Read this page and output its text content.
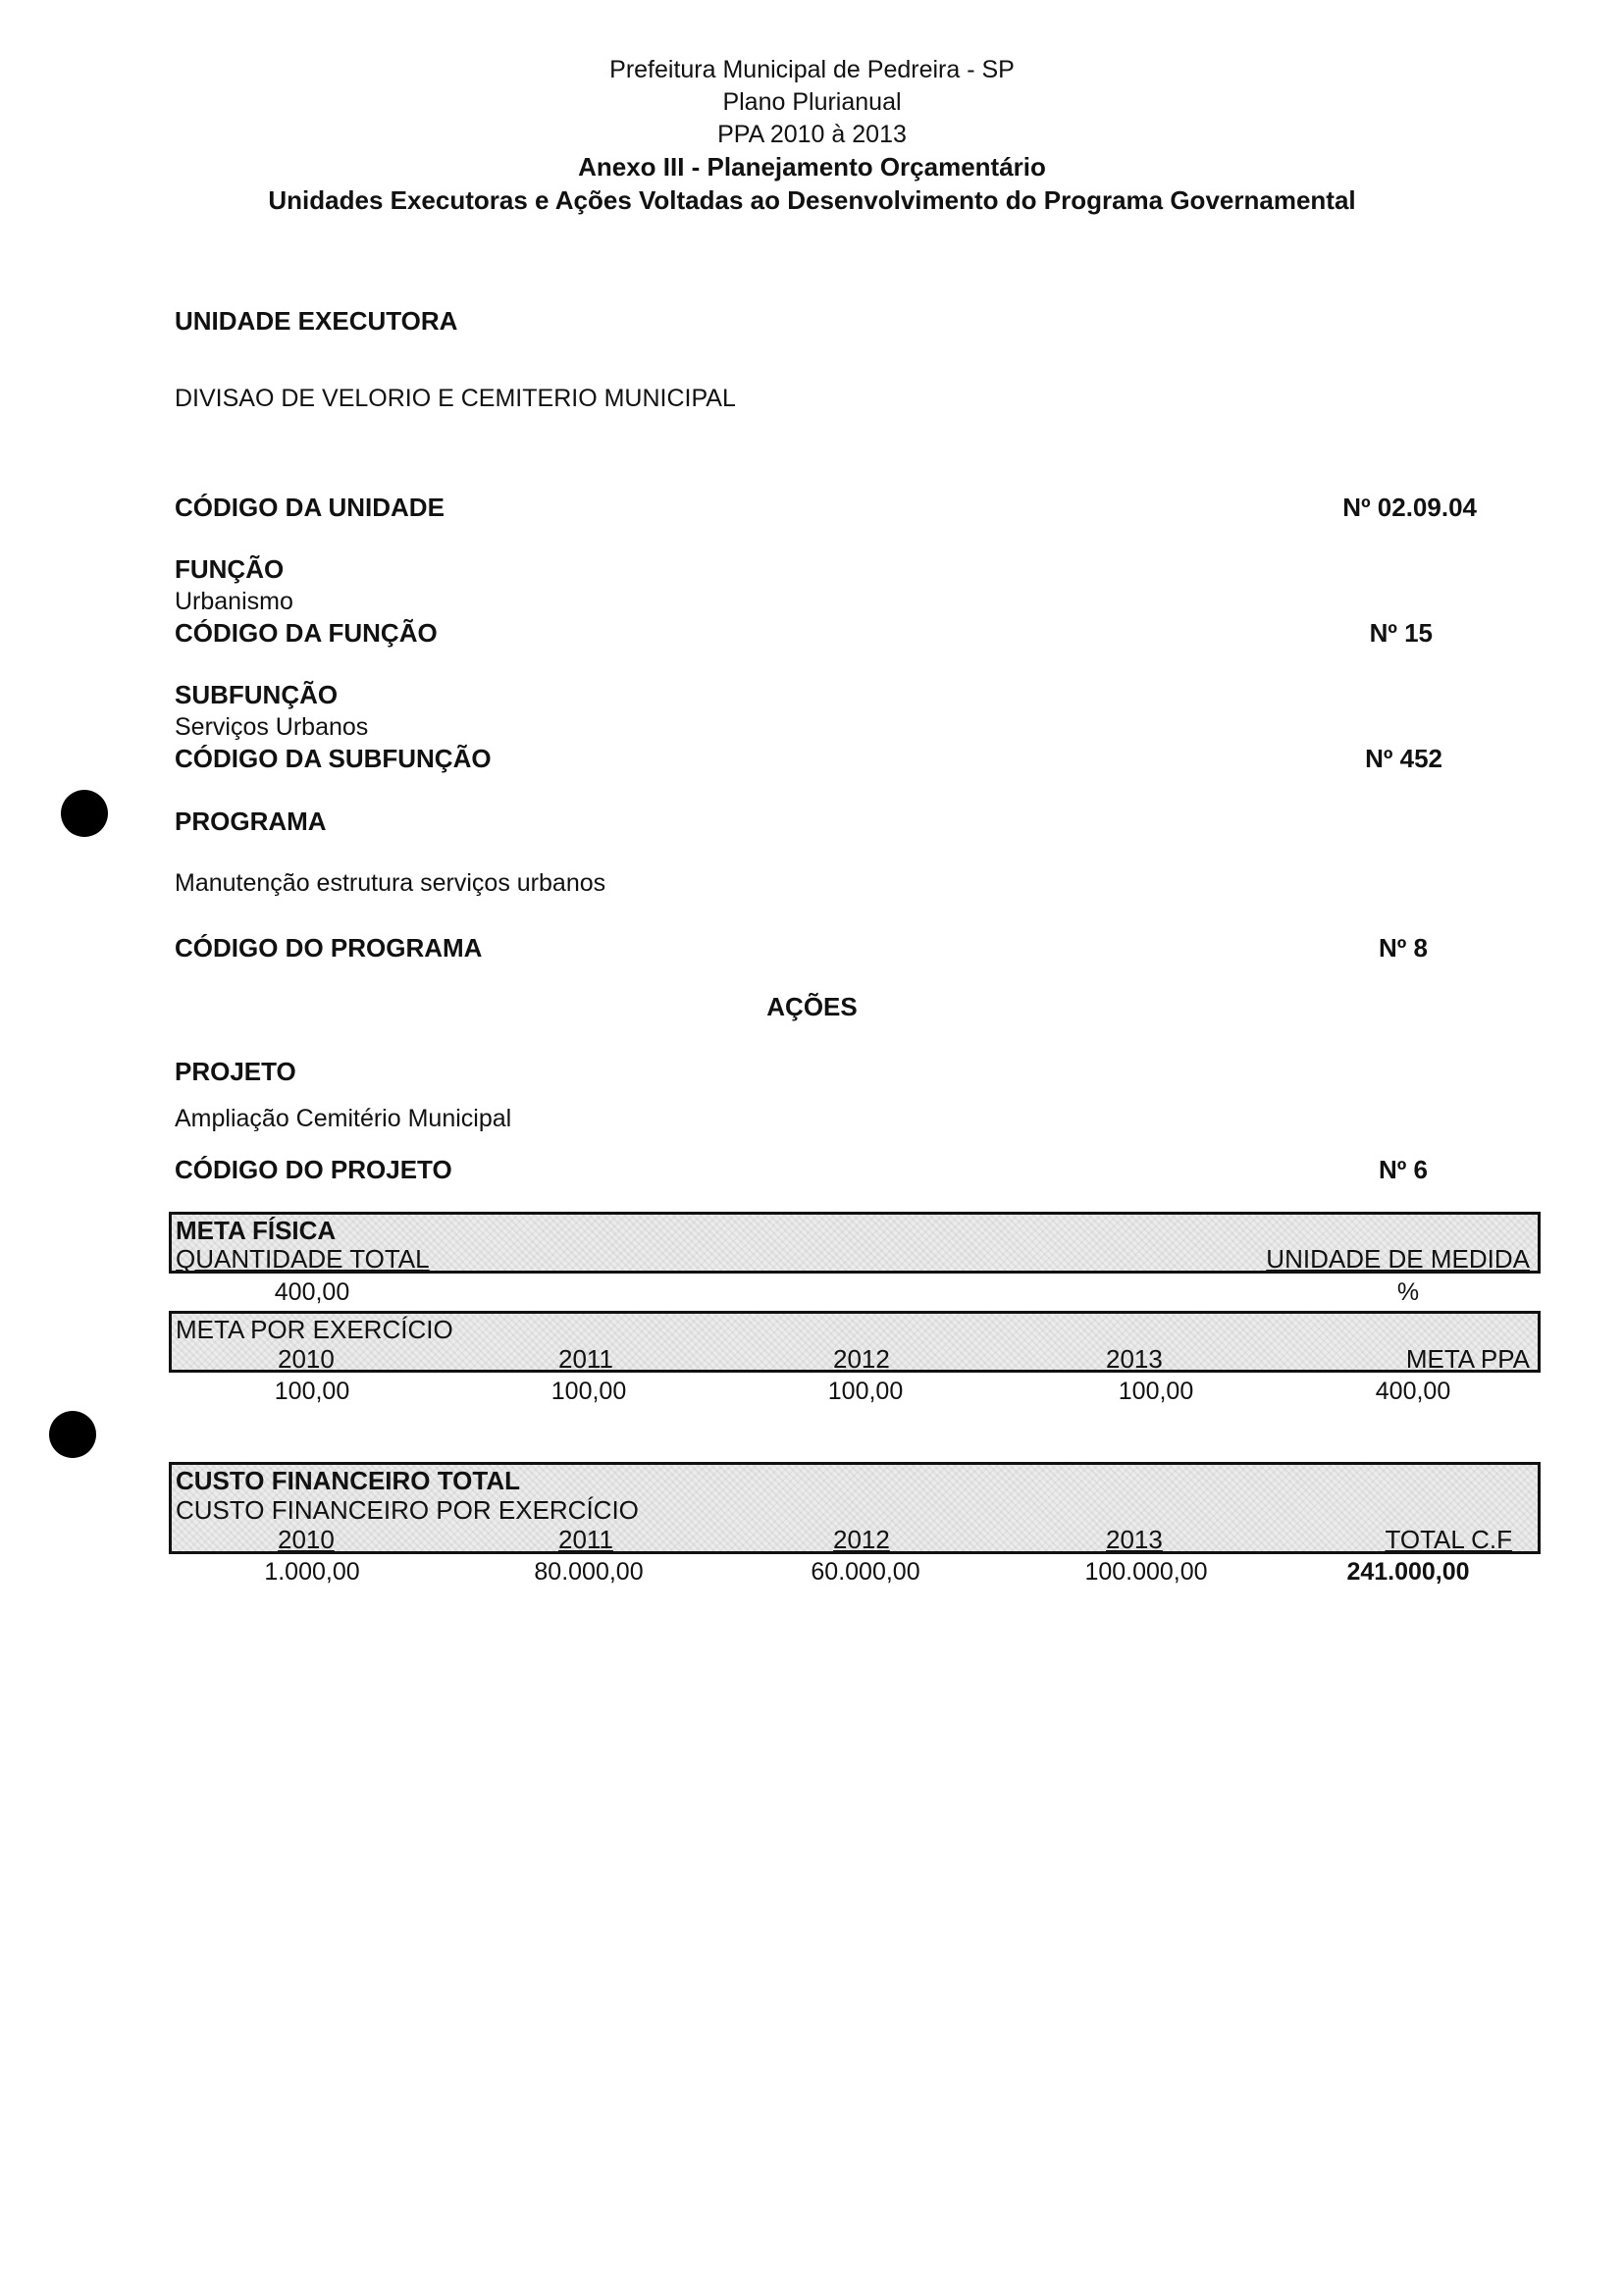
Prefeitura Municipal de Pedreira - SP
Plano Plurianual
PPA 2010 à 2013
Anexo III - Planejamento Orçamentário
Unidades Executoras e Ações Voltadas ao Desenvolvimento do Programa Governamental
UNIDADE EXECUTORA
DIVISAO DE VELORIO E CEMITERIO MUNICIPAL
CÓDIGO DA UNIDADE	Nº 02.09.04
FUNÇÃO
Urbanismo
CÓDIGO DA FUNÇÃO	Nº 15
SUBFUNÇÃO
Serviços Urbanos
CÓDIGO DA SUBFUNÇÃO	Nº 452
PROGRAMA
Manutenção estrutura serviços urbanos
CÓDIGO DO PROGRAMA	Nº 8
AÇÕES
PROJETO
Ampliação Cemitério Municipal
CÓDIGO DO PROJETO	Nº 6
META FÍSICA
QUANTIDADE TOTAL	UNIDADE DE MEDIDA
400,00	%
META POR EXERCÍCIO
2010	2011	2012	2013	META PPA
100,00	100,00	100,00	100,00	400,00
CUSTO FINANCEIRO TOTAL
CUSTO FINANCEIRO POR EXERCÍCIO
2010	2011	2012	2013	TOTAL C.F
1.000,00	80.000,00	60.000,00	100.000,00	241.000,00
